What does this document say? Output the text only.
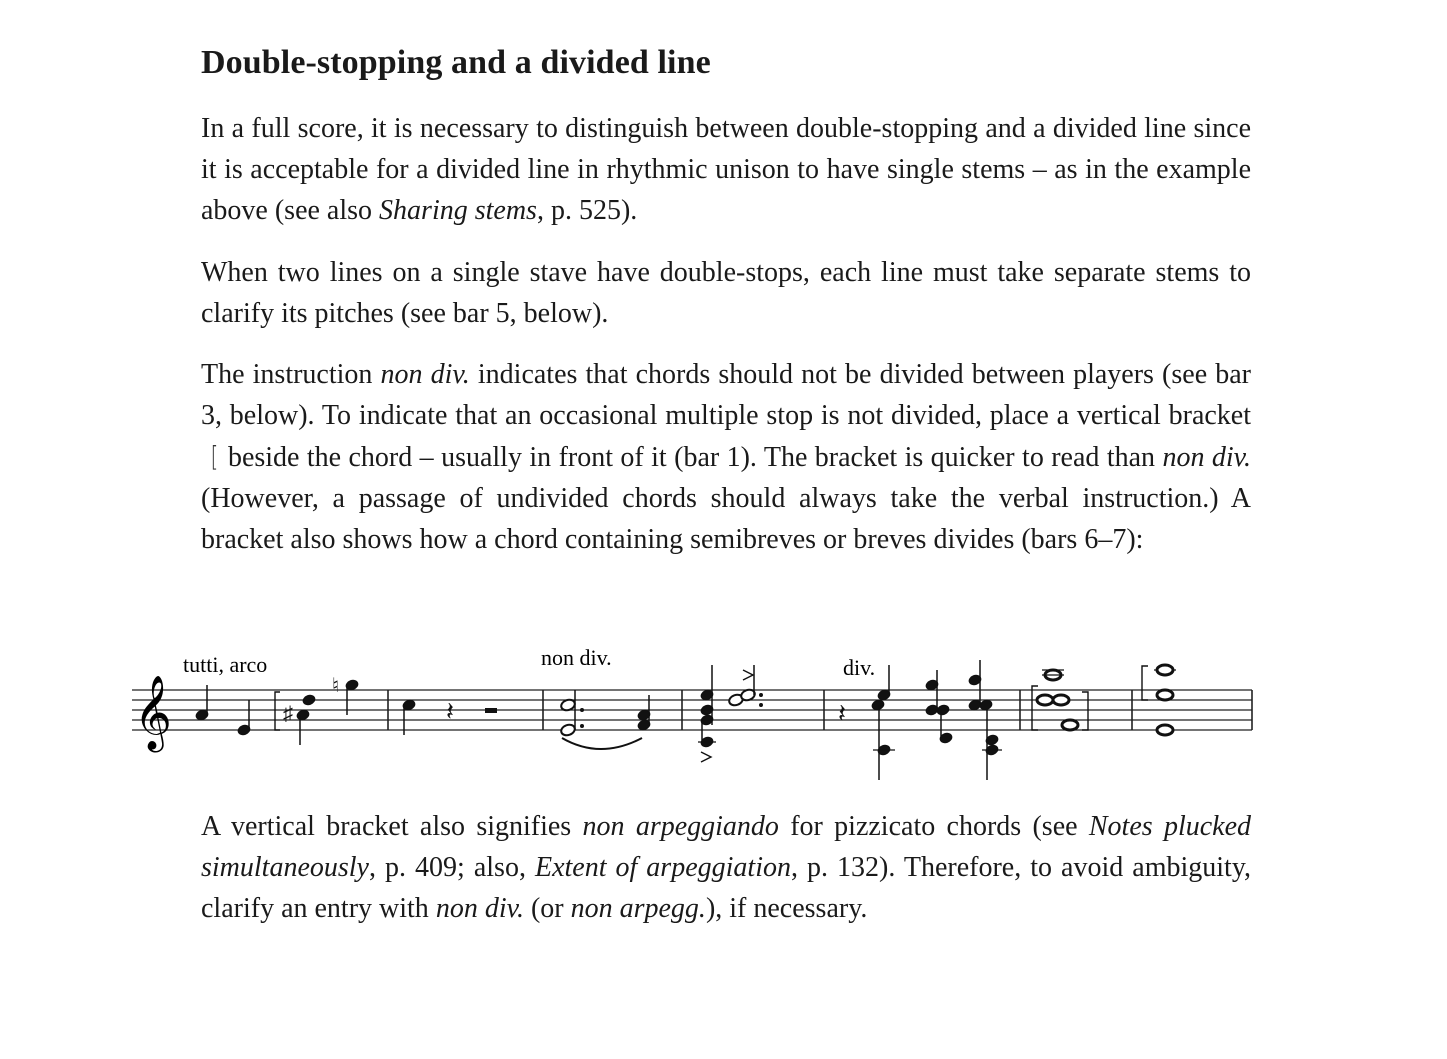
Double-stopping and a divided line

In a full score, it is necessary to distinguish between double-stopping and a divided line since it is acceptable for a divided line in rhythmic unison to have single stems – as in the example above (see also Sharing stems, p. 525).

When two lines on a single stave have double-stops, each line must take separate stems to clarify its pitches (see bar 5, below).

The instruction non div. indicates that chords should not be divided between players (see bar 3, below). To indicate that an occasional multiple stop is not divided, place a vertical bracket[ beside the chord – usually in front of it (bar 1). The bracket is quicker to read than non div. (However, a passage of undivided chords should always take the verbal instruction.) A bracket also shows how a chord containing semibreves or breves divides (bars 6–7):

tutti, arco	non div.	div.
𝄞	♯
♮
𝄽	𝄽

A vertical bracket also signifies non arpeggiando for pizzicato chords (see Notes plucked simultaneously, p. 409; also, Extent of arpeggiation, p. 132). Therefore, to avoid ambiguity, clarify an entry with non div. (or non arpegg.), if necessary.
